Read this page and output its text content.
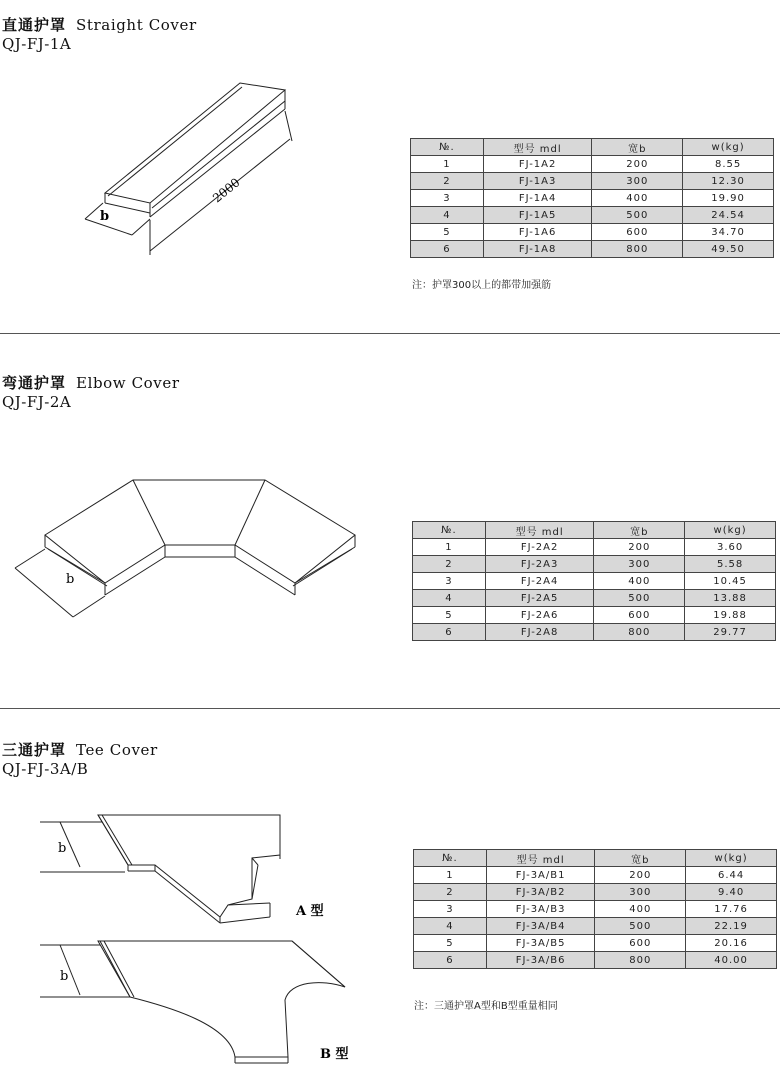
直通护罩 Straight Cover
QJ-FJ-1A
b
2000
№.	型号 mdl	宽b	w(kg)
1	FJ-1A2	200	8.55
2	FJ-1A3	300	12.30
3	FJ-1A4	400	19.90
4	FJ-1A5	500	24.54
5	FJ-1A6	600	34.70
6	FJ-1A8	800	49.50
注：护罩300以上的都带加强筋
弯通护罩 Elbow Cover
QJ-FJ-2A
b
№.	型号 mdl	宽b	w(kg)
1	FJ-2A2	200	3.60
2	FJ-2A3	300	5.58
3	FJ-2A4	400	10.45
4	FJ-2A5	500	13.88
5	FJ-2A6	600	19.88
6	FJ-2A8	800	29.77
三通护罩 Tee Cover
QJ-FJ-3A/B
b
b
A 型
B 型
№.	型号 mdl	宽b	w(kg)
1	FJ-3A/B1	200	6.44
2	FJ-3A/B2	300	9.40
3	FJ-3A/B3	400	17.76
4	FJ-3A/B4	500	22.19
5	FJ-3A/B5	600	20.16
6	FJ-3A/B6	800	40.00
注：三通护罩A型和B型重量相同
